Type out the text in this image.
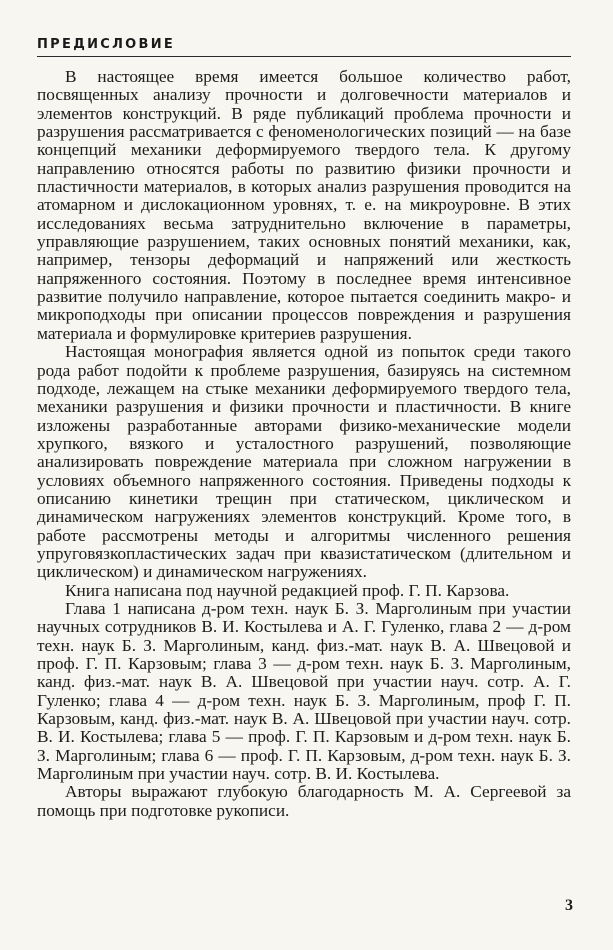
ПРЕДИСЛОВИЕ

В настоящее время имеется большое количество работ, посвященных анализу прочности и долговечности материалов и элементов конструкций. В ряде публикаций проблема прочности и разрушения рассматривается с феноменологических позиций — на базе концепций механики деформируемого твердого тела. К другому направлению относятся работы по развитию физики прочности и пластичности материалов, в которых анализ разрушения проводится на атомарном и дислокационном уровнях, т. е. на микроуровне. В этих исследованиях весьма затруднительно включение в параметры, управляющие разрушением, таких основных понятий механики, как, например, тензоры деформаций и напряжений или жесткость напряженного состояния. Поэтому в последнее время интенсивное развитие получило направление, которое пытается соединить макро- и микроподходы при описании процессов повреждения и разрушения материала и формулировке критериев разрушения.

Настоящая монография является одной из попыток среди такого рода работ подойти к проблеме разрушения, базируясь на системном подходе, лежащем на стыке механики деформируемого твердого тела, механики разрушения и физики прочности и пластичности. В книге изложены разработанные авторами физико-механические модели хрупкого, вязкого и усталостного разрушений, позволяющие анализировать повреждение материала при сложном нагружении в условиях объемного напряженного состояния. Приведены подходы к описанию кинетики трещин при статическом, циклическом и динамическом нагружениях элементов конструкций. Кроме того, в работе рассмотрены методы и алгоритмы численного решения упруговязкопластических задач при квазистатическом (длительном и циклическом) и динамическом нагружениях.

Книга написана под научной редакцией проф. Г. П. Карзова.

Глава 1 написана д-ром техн. наук Б. З. Марголиным при участии научных сотрудников В. И. Костылева и А. Г. Гуленко, глава 2 — д-ром техн. наук Б. З. Марголиным, канд. физ.-мат. наук В. А. Швецовой и проф. Г. П. Карзовым; глава 3 — д-ром техн. наук Б. З. Марголиным, канд. физ.-мат. наук В. А. Швецовой при участии науч. сотр. А. Г. Гуленко; глава 4 — д-ром техн. наук Б. З. Марголиным, проф Г. П. Карзовым, канд. физ.-мат. наук В. А. Швецовой при участии науч. сотр. В. И. Костылева; глава 5 — проф. Г. П. Карзовым и д-ром техн. наук Б. З. Марголиным; глава 6 — проф. Г. П. Карзовым, д-ром техн. наук Б. З. Марголиным при участии науч. сотр. В. И. Костылева.

Авторы выражают глубокую благодарность М. А. Сергеевой за помощь при подготовке рукописи.

3
